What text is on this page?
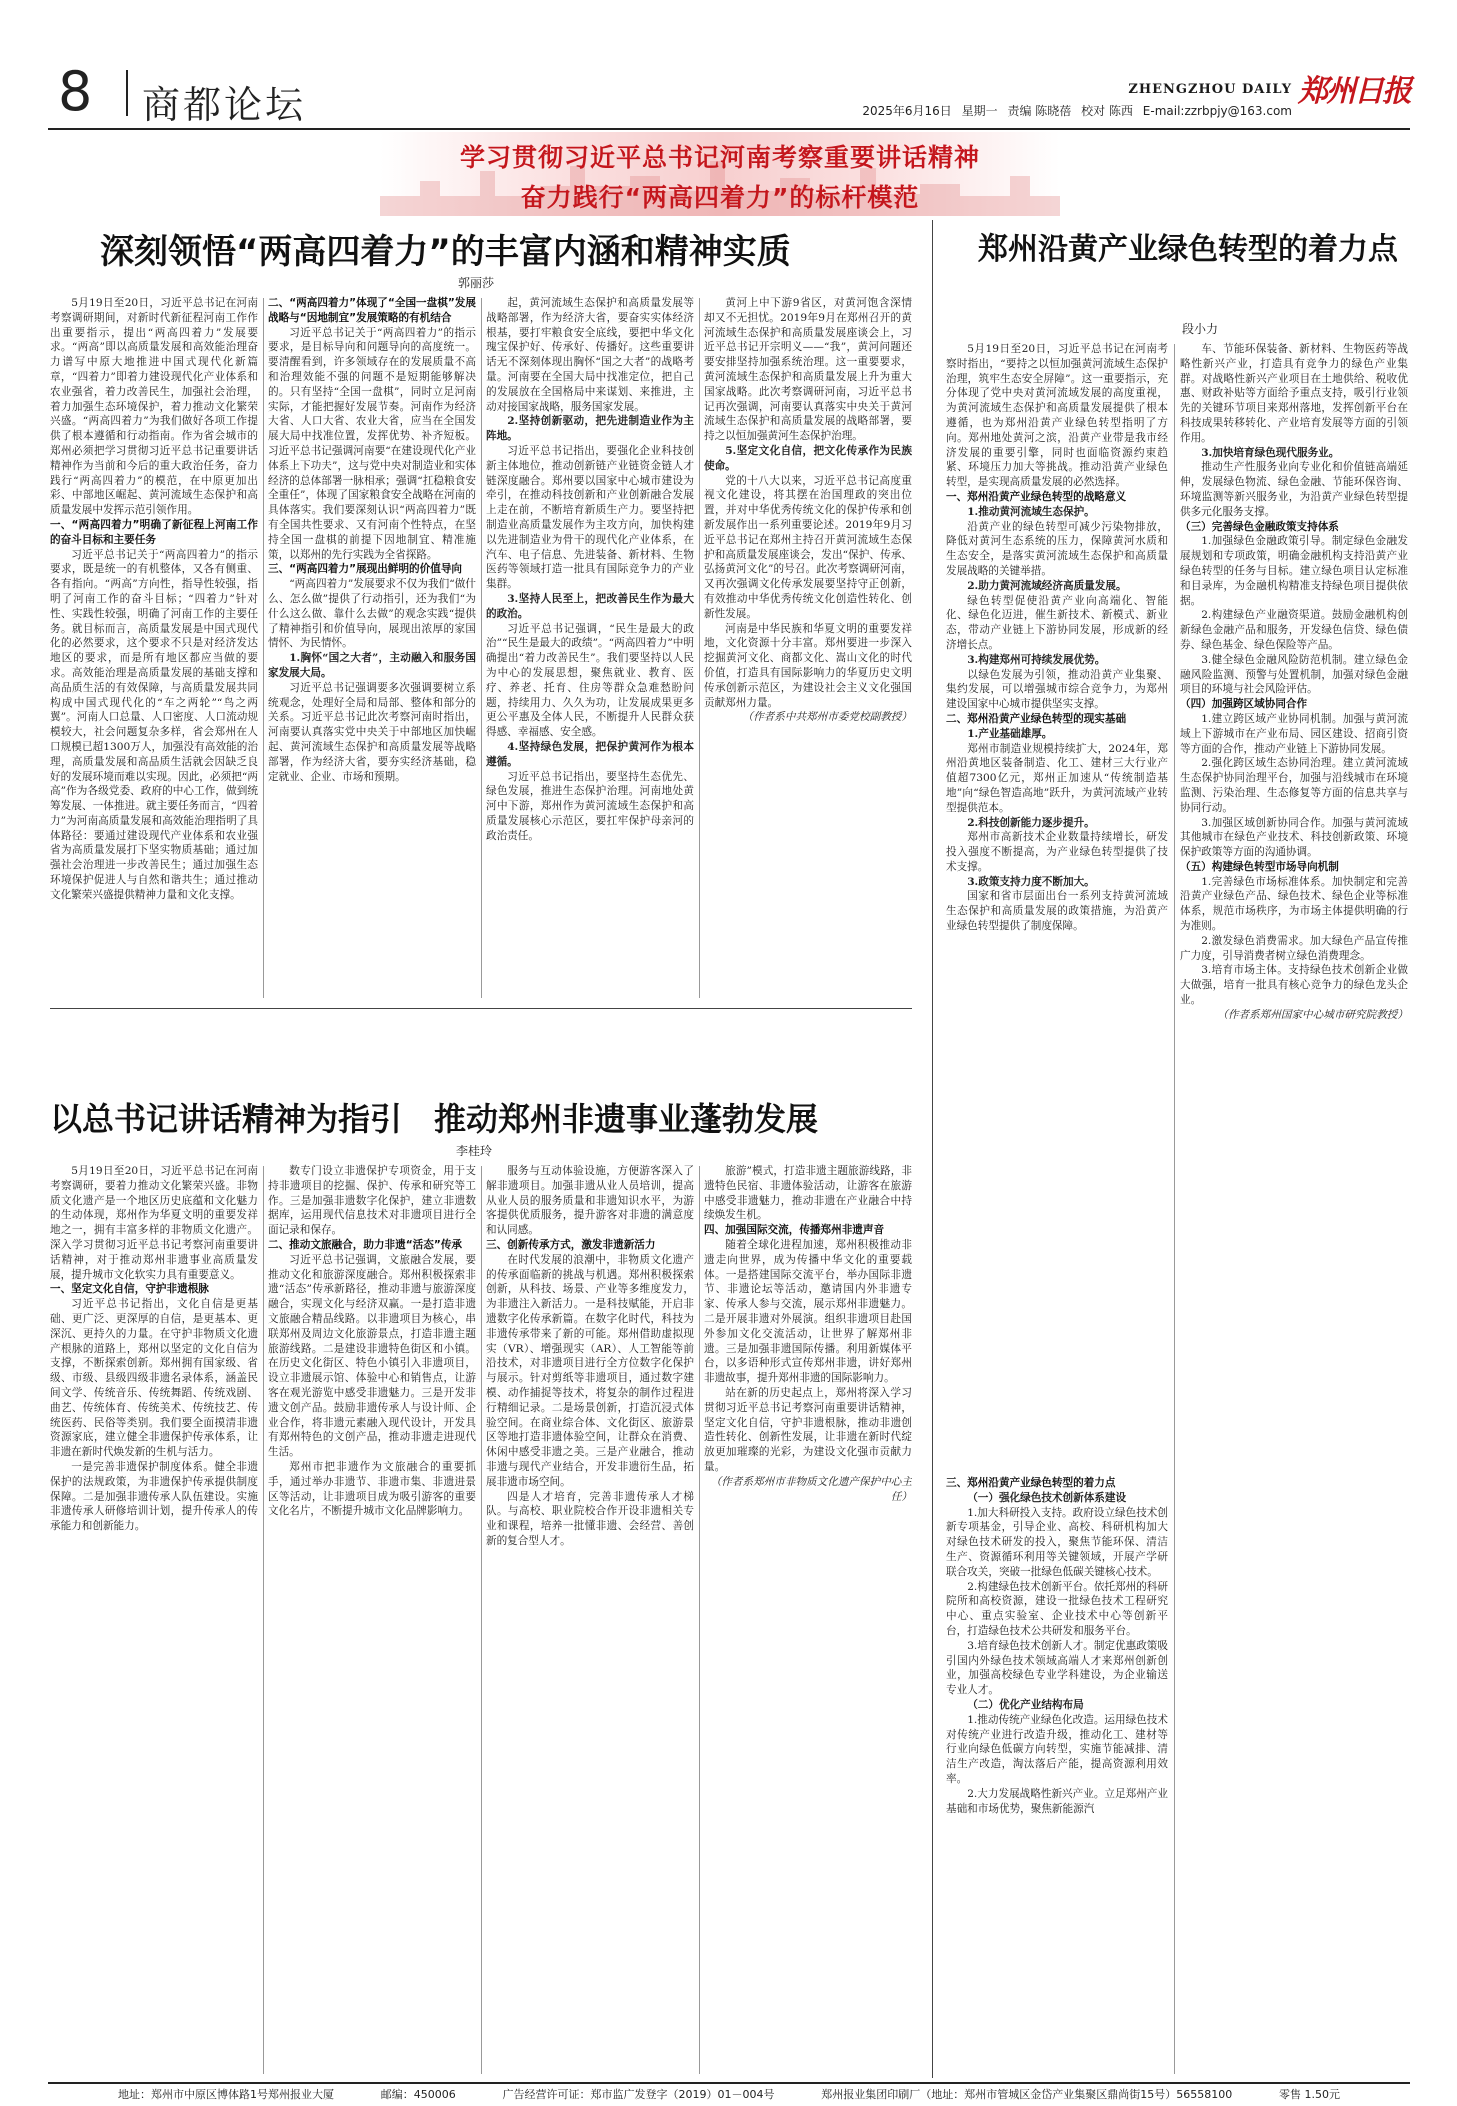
8 商都论坛	ZHENGZHOU DAILY
2025年6月16日 星期一 责编 陈晓蓓 校对 陈西 E-mail:zzrbpjy@163.com
郑州日报
学习贯彻习近平总书记河南考察重要讲话精神
奋力践行“两高四着力”的标杆模范
深刻领悟“两高四着力”的丰富内涵和精神实质
郭丽莎

5月19日至20日，习近平总书记在河南考察调研期间，对新时代新征程河南工作作出重要指示，提出“两高四着力”发展要求。“两高”即以高质量发展和高效能治理奋力谱写中原大地推进中国式现代化新篇章，“四着力”即着力建设现代化产业体系和农业强省，着力改善民生，加强社会治理，着力加强生态环境保护，着力推动文化繁荣兴盛。“两高四着力”为我们做好各项工作提供了根本遵循和行动指南。作为省会城市的郑州必须把学习贯彻习近平总书记重要讲话精神作为当前和今后的重大政治任务，奋力践行“两高四着力”的模范，在中原更加出彩、中部地区崛起、黄河流域生态保护和高质量发展中发挥示范引领作用。

一、“两高四着力”明确了新征程上河南工作的奋斗目标和主要任务

习近平总书记关于“两高四着力”的指示要求，既是统一的有机整体，又各有侧重、各有指向。“两高”方向性，指导性较强，指明了河南工作的奋斗目标；“四着力”针对性、实践性较强，明确了河南工作的主要任务。就目标而言，高质量发展是中国式现代化的必然要求，这个要求不只是对经济发达地区的要求，而是所有地区都应当做的要求。高效能治理是高质量发展的基础支撑和高品质生活的有效保障，与高质量发展共同构成中国式现代化的“车之两轮”“鸟之两翼”。河南人口总量、人口密度、人口流动规模较大，社会问题复杂多样，省会郑州在人口规模已超1300万人，加强没有高效能的治理，高质量发展和高品质生活就会因缺乏良好的发展环境而难以实现。因此，必须把“两高”作为各级党委、政府的中心工作，做到统筹发展、一体推进。就主要任务而言，“四着力”为河南高质量发展和高效能治理指明了具体路径：要通过建设现代产业体系和农业强省为高质量发展打下坚实物质基础；通过加强社会治理进一步改善民生；通过加强生态环境保护促进人与自然和谐共生；通过推动文化繁荣兴盛提供精神力量和文化支撑。

二、“两高四着力”体现了“全国一盘棋”发展战略与“因地制宜”发展策略的有机结合

习近平总书记关于“两高四着力”的指示要求，是目标导向和问题导向的高度统一。要清醒看到，许多领域存在的发展质量不高和治理效能不强的问题不是短期能够解决的。只有坚持“全国一盘棋”，同时立足河南实际，才能把握好发展节奏。河南作为经济大省、人口大省、农业大省，应当在全国发展大局中找准位置，发挥优势、补齐短板。习近平总书记强调河南要“在建设现代化产业体系上下功夫”，这与党中央对制造业和实体经济的总体部署一脉相承；强调“扛稳粮食安全重任”，体现了国家粮食安全战略在河南的具体落实。我们要深刻认识“两高四着力”既有全国共性要求、又有河南个性特点，在坚持全国一盘棋的前提下因地制宜、精准施策，以郑州的先行实践为全省探路。

三、“两高四着力”展现出鲜明的价值导向

“两高四着力”发展要求不仅为我们“做什么、怎么做”提供了行动指引，还为我们“为什么这么做、靠什么去做”的观念实践“提供了精神指引和价值导向，展现出浓厚的家国情怀、为民情怀。

1.胸怀“国之大者”，主动融入和服务国家发展大局。

习近平总书记强调要多次强调要树立系统观念，处理好全局和局部、整体和部分的关系。习近平总书记此次考察河南时指出，河南要认真落实党中央关于中部地区加快崛起、黄河流域生态保护和高质量发展等战略部署，作为经济大省，要夯实经济基础，稳定就业、企业、市场和预期。

起，黄河流域生态保护和高质量发展等战略部署，作为经济大省，要奋实实体经济根基，要打牢粮食安全底线，要把中华文化瑰宝保护好、传承好、传播好。这些重要讲话无不深刻体现出胸怀“国之大者”的战略考量。河南要在全国大局中找准定位，把自己的发展放在全国格局中来谋划、来推进，主动对接国家战略，服务国家发展。

2.坚持创新驱动，把先进制造业作为主阵地。

习近平总书记指出，要强化企业科技创新主体地位，推动创新链产业链资金链人才链深度融合。郑州要以国家中心城市建设为牵引，在推动科技创新和产业创新融合发展上走在前，不断培育新质生产力。要坚持把制造业高质量发展作为主攻方向，加快构建以先进制造业为骨干的现代化产业体系，在汽车、电子信息、先进装备、新材料、生物医药等领域打造一批具有国际竞争力的产业集群。

3.坚持人民至上，把改善民生作为最大的政治。

习近平总书记强调，“民生是最大的政治”“民生是最大的政绩”。“两高四着力”中明确提出“着力改善民生”。我们要坚持以人民为中心的发展思想，聚焦就业、教育、医疗、养老、托育、住房等群众急难愁盼问题，持续用力、久久为功，让发展成果更多更公平惠及全体人民，不断提升人民群众获得感、幸福感、安全感。

4.坚持绿色发展，把保护黄河作为根本遵循。

习近平总书记指出，要坚持生态优先、绿色发展，推进生态保护治理。河南地处黄河中下游，郑州作为黄河流域生态保护和高质量发展核心示范区，要扛牢保护母亲河的政治责任。

黄河上中下游9省区，对黄河饱含深情却又不无担忧。2019年9月在郑州召开的黄河流域生态保护和高质量发展座谈会上，习近平总书记开宗明义——“我”，黄河问题还要安排坚持加强系统治理。这一重要要求，黄河流域生态保护和高质量发展上升为重大国家战略。此次考察调研河南，习近平总书记再次强调，河南要认真落实中央关于黄河流域生态保护和高质量发展的战略部署，要持之以恒加强黄河生态保护治理。

5.坚定文化自信，把文化传承作为民族使命。

党的十八大以来，习近平总书记高度重视文化建设，将其摆在治国理政的突出位置，并对中华优秀传统文化的保护传承和创新发展作出一系列重要论述。2019年9月习近平总书记在郑州主持召开黄河流域生态保护和高质量发展座谈会，发出“保护、传承、弘扬黄河文化”的号召。此次考察调研河南，又再次强调文化传承发展要坚持守正创新，有效推动中华优秀传统文化创造性转化、创新性发展。

河南是中华民族和华夏文明的重要发祥地，文化资源十分丰富。郑州要进一步深入挖掘黄河文化、商都文化、嵩山文化的时代价值，打造具有国际影响力的华夏历史文明传承创新示范区，为建设社会主义文化强国贡献郑州力量。

（作者系中共郑州市委党校副教授）

以总书记讲话精神为指引　推动郑州非遗事业蓬勃发展
李桂玲

5月19日至20日，习近平总书记在河南考察调研，要着力推动文化繁荣兴盛。非物质文化遗产是一个地区历史底蕴和文化魅力的生动体现，郑州作为华夏文明的重要发祥地之一，拥有丰富多样的非物质文化遗产。深入学习贯彻习近平总书记考察河南重要讲话精神，对于推动郑州非遗事业高质量发展，提升城市文化软实力具有重要意义。

一、坚定文化自信，守护非遗根脉

习近平总书记指出，文化自信是更基础、更广泛、更深厚的自信，是更基本、更深沉、更持久的力量。在守护非物质文化遗产根脉的道路上，郑州以坚定的文化自信为支撑，不断探索创新。郑州拥有国家级、省级、市级、县级四级非遗名录体系，涵盖民间文学、传统音乐、传统舞蹈、传统戏剧、曲艺、传统体育、传统美术、传统技艺、传统医药、民俗等类别。我们要全面摸清非遗资源家底，建立健全非遗保护传承体系，让非遗在新时代焕发新的生机与活力。

一是完善非遗保护制度体系。健全非遗保护的法规政策，为非遗保护传承提供制度保障。二是加强非遗传承人队伍建设。实施非遗传承人研修培训计划，提升传承人的传承能力和创新能力。

数专门设立非遗保护专项资金，用于支持非遗项目的挖掘、保护、传承和研究等工作。三是加强非遗数字化保护，建立非遗数据库，运用现代信息技术对非遗项目进行全面记录和保存。

二、推动文旅融合，助力非遗“活态”传承

习近平总书记强调，文旅融合发展，要推动文化和旅游深度融合。郑州积极探索非遗“活态”传承新路径，推动非遗与旅游深度融合，实现文化与经济双赢。一是打造非遗文旅融合精品线路。以非遗项目为核心，串联郑州及周边文化旅游景点，打造非遗主题旅游线路。二是建设非遗特色街区和小镇。在历史文化街区、特色小镇引入非遗项目，设立非遗展示馆、体验中心和销售点，让游客在观光游览中感受非遗魅力。三是开发非遗文创产品。鼓励非遗传承人与设计师、企业合作，将非遗元素融入现代设计，开发具有郑州特色的文创产品，推动非遗走进现代生活。

郑州市把非遗作为文旅融合的重要抓手，通过举办非遗节、非遗市集、非遗进景区等活动，让非遗项目成为吸引游客的重要文化名片，不断提升城市文化品牌影响力。

服务与互动体验设施，方便游客深入了解非遗项目。加强非遗从业人员培训，提高从业人员的服务质量和非遗知识水平，为游客提供优质服务，提升游客对非遗的满意度和认同感。

三、创新传承方式，激发非遗新活力

在时代发展的浪潮中，非物质文化遗产的传承面临新的挑战与机遇。郑州积极探索创新，从科技、场景、产业等多维度发力，为非遗注入新活力。一是科技赋能，开启非遗数字化传承新篇。在数字化时代，科技为非遗传承带来了新的可能。郑州借助虚拟现实（VR）、增强现实（AR）、人工智能等前沿技术，对非遗项目进行全方位数字化保护与展示。针对剪纸等非遗项目，通过数字建模、动作捕捉等技术，将复杂的制作过程进行精细记录。二是场景创新，打造沉浸式体验空间。在商业综合体、文化街区、旅游景区等地打造非遗体验空间，让群众在消费、休闲中感受非遗之美。三是产业融合，推动非遗与现代产业结合，开发非遗衍生品，拓展非遗市场空间。

四是人才培育，完善非遗传承人才梯队。与高校、职业院校合作开设非遗相关专业和课程，培养一批懂非遗、会经营、善创新的复合型人才。

旅游”模式，打造非遗主题旅游线路，非遗特色民宿、非遗体验活动，让游客在旅游中感受非遗魅力，推动非遗在产业融合中持续焕发生机。

四、加强国际交流，传播郑州非遗声音

随着全球化进程加速，郑州积极推动非遗走向世界，成为传播中华文化的重要载体。一是搭建国际交流平台，举办国际非遗节、非遗论坛等活动，邀请国内外非遗专家、传承人参与交流，展示郑州非遗魅力。二是开展非遗对外展演。组织非遗项目赴国外参加文化交流活动，让世界了解郑州非遗。三是加强非遗国际传播。利用新媒体平台，以多语种形式宣传郑州非遗，讲好郑州非遗故事，提升郑州非遗的国际影响力。

站在新的历史起点上，郑州将深入学习贯彻习近平总书记考察河南重要讲话精神，坚定文化自信，守护非遗根脉，推动非遗创造性转化、创新性发展，让非遗在新时代绽放更加璀璨的光彩，为建设文化强市贡献力量。

（作者系郑州市非物质文化遗产保护中心主任）

郑州沿黄产业绿色转型的着力点
段小力

5月19日至20日，习近平总书记在河南考察时指出，“要持之以恒加强黄河流域生态保护治理，筑牢生态安全屏障”。这一重要指示，充分体现了党中央对黄河流域发展的高度重视，为黄河流域生态保护和高质量发展提供了根本遵循，也为郑州沿黄产业绿色转型指明了方向。郑州地处黄河之滨，沿黄产业带是我市经济发展的重要引擎，同时也面临资源约束趋紧、环境压力加大等挑战。推动沿黄产业绿色转型，是实现高质量发展的必然选择。

一、郑州沿黄产业绿色转型的战略意义

1.推动黄河流域生态保护。

沿黄产业的绿色转型可减少污染物排放，降低对黄河生态系统的压力，保障黄河水质和生态安全，是落实黄河流域生态保护和高质量发展战略的关键举措。

2.助力黄河流域经济高质量发展。

绿色转型促使沿黄产业向高端化、智能化、绿色化迈进，催生新技术、新模式、新业态，带动产业链上下游协同发展，形成新的经济增长点。

3.构建郑州可持续发展优势。

以绿色发展为引领，推动沿黄产业集聚、集约发展，可以增强城市综合竞争力，为郑州建设国家中心城市提供坚实支撑。

二、郑州沿黄产业绿色转型的现实基础

1.产业基础雄厚。

郑州市制造业规模持续扩大，2024年，郑州沿黄地区装备制造、化工、建材三大行业产值超7300亿元，郑州正加速从“传统制造基地”向“绿色智造高地”跃升，为黄河流域产业转型提供范本。

2.科技创新能力逐步提升。

郑州市高新技术企业数量持续增长，研发投入强度不断提高，为产业绿色转型提供了技术支撑。

3.政策支持力度不断加大。

国家和省市层面出台一系列支持黄河流域生态保护和高质量发展的政策措施，为沿黄产业绿色转型提供了制度保障。

车、节能环保装备、新材料、生物医药等战略性新兴产业，打造具有竞争力的绿色产业集群。对战略性新兴产业项目在土地供给、税收优惠、财政补贴等方面给予重点支持，吸引行业领先的关键环节项目来郑州落地，发挥创新平台在科技成果转移转化、产业培育发展等方面的引领作用。

3.加快培育绿色现代服务业。

推动生产性服务业向专业化和价值链高端延伸，发展绿色物流、绿色金融、节能环保咨询、环境监测等新兴服务业，为沿黄产业绿色转型提供多元化服务支撑。

（三）完善绿色金融政策支持体系

1.加强绿色金融政策引导。制定绿色金融发展规划和专项政策，明确金融机构支持沿黄产业绿色转型的任务与目标。建立绿色项目认定标准和目录库，为金融机构精准支持绿色项目提供依据。

2.构建绿色产业融资渠道。鼓励金融机构创新绿色金融产品和服务，开发绿色信贷、绿色债券、绿色基金、绿色保险等产品。

3.健全绿色金融风险防范机制。建立绿色金融风险监测、预警与处置机制，加强对绿色金融项目的环境与社会风险评估。

（四）加强跨区域协同合作

1.建立跨区域产业协同机制。加强与黄河流域上下游城市在产业布局、园区建设、招商引资等方面的合作，推动产业链上下游协同发展。

2.强化跨区域生态协同治理。建立黄河流域生态保护协同治理平台，加强与沿线城市在环境监测、污染治理、生态修复等方面的信息共享与协同行动。

3.加强区域创新协同合作。加强与黄河流域其他城市在绿色产业技术、科技创新政策、环境保护政策等方面的沟通协调。

（五）构建绿色转型市场导向机制

1.完善绿色市场标准体系。加快制定和完善沿黄产业绿色产品、绿色技术、绿色企业等标准体系，规范市场秩序，为市场主体提供明确的行为准则。

2.激发绿色消费需求。加大绿色产品宣传推广力度，引导消费者树立绿色消费理念。

3.培育市场主体。支持绿色技术创新企业做大做强，培育一批具有核心竞争力的绿色龙头企业。

（作者系郑州国家中心城市研究院教授）

三、郑州沿黄产业绿色转型的着力点

（一）强化绿色技术创新体系建设

1.加大科研投入支持。政府设立绿色技术创新专项基金，引导企业、高校、科研机构加大对绿色技术研发的投入，聚焦节能环保、清洁生产、资源循环利用等关键领域，开展产学研联合攻关，突破一批绿色低碳关键核心技术。

2.构建绿色技术创新平台。依托郑州的科研院所和高校资源，建设一批绿色技术工程研究中心、重点实验室、企业技术中心等创新平台，打造绿色技术公共研发和服务平台。

3.培育绿色技术创新人才。制定优惠政策吸引国内外绿色技术领域高端人才来郑州创新创业，加强高校绿色专业学科建设，为企业输送专业人才。

（二）优化产业结构布局

1.推动传统产业绿色化改造。运用绿色技术对传统产业进行改造升级，推动化工、建材等行业向绿色低碳方向转型，实施节能减排、清洁生产改造，淘汰落后产能，提高资源利用效率。

2.大力发展战略性新兴产业。立足郑州产业基础和市场优势，聚焦新能源汽

地址：郑州市中原区博体路1号郑州报业大厦	邮编：450006	广告经营许可证：郑市监广发登字（2019）01－004号	郑州报业集团印刷厂（地址：郑州市管城区金岱产业集聚区鼎尚街15号）56558100	零售 1.50元
